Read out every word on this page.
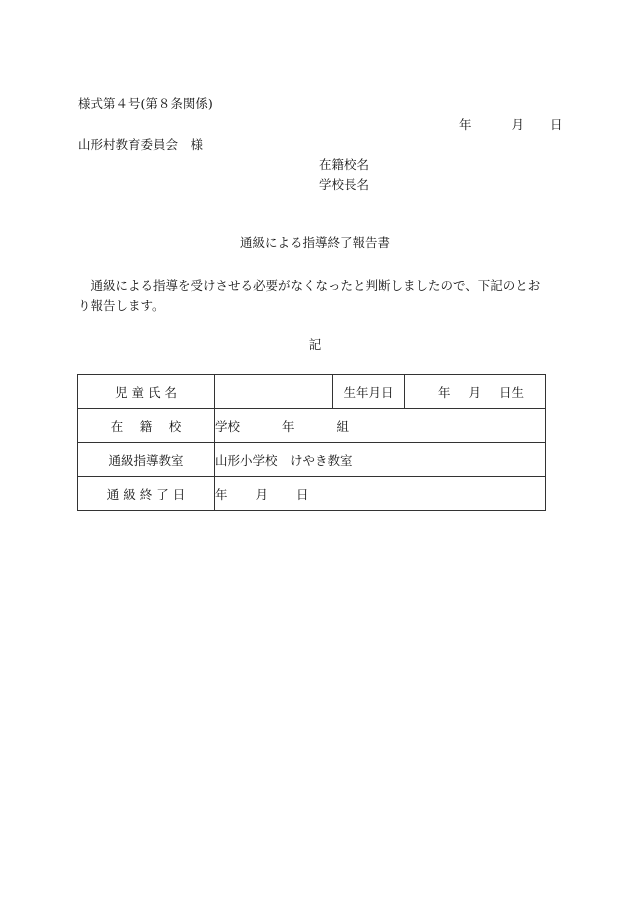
様式第４号(第８条関係)
年	月 日
山形村教育委員会　様
在籍校名
学校長名
通級による指導終了報告書
通級による指導を受けさせる必要がなくなったと判断しましたので、下記のとおり報告します。
記
児 童 氏 名		生年月日	年 月 日生
在　 籍　 校	学校 年 組		
通級指導教室	山形小学校　けやき教室		
通 級 終 了 日	年 月 日		
